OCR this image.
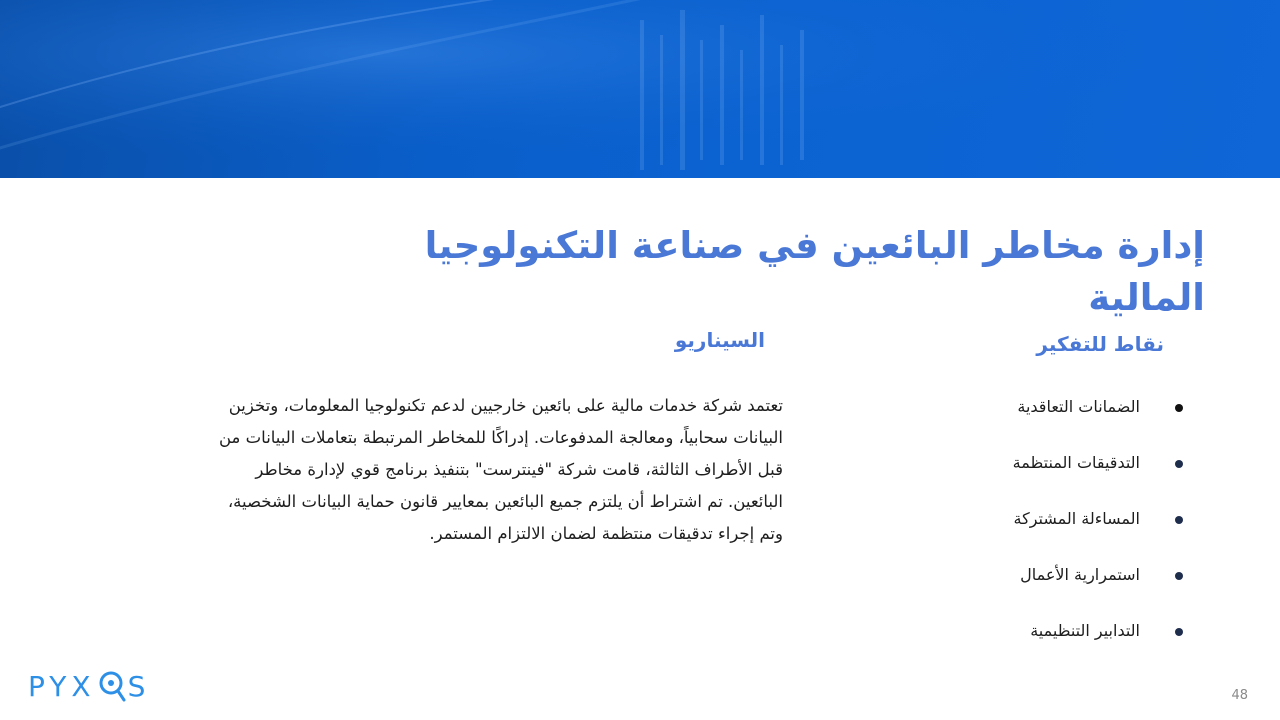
إدارة مخاطر البائعين في صناعة التكنولوجيا المالية
نقاط للتفكير
الضمانات التعاقدية
التدقيقات المنتظمة
المساءلة المشتركة
استمرارية الأعمال
التدابير التنظيمية
السيناريو
تعتمد شركة خدمات مالية على بائعين خارجيين لدعم تكنولوجيا المعلومات، وتخزين
البيانات سحابياً، ومعالجة المدفوعات. إدراكًا للمخاطر المرتبطة بتعاملات البيانات من
قبل الأطراف الثالثة، قامت شركة "فينترست" بتنفيذ برنامج قوي لإدارة مخاطر
البائعين. تم اشتراط أن يلتزم جميع البائعين بمعايير قانون حماية البيانات الشخصية،
وتم إجراء تدقيقات منتظمة لضمان الالتزام المستمر.
PYX S	48
